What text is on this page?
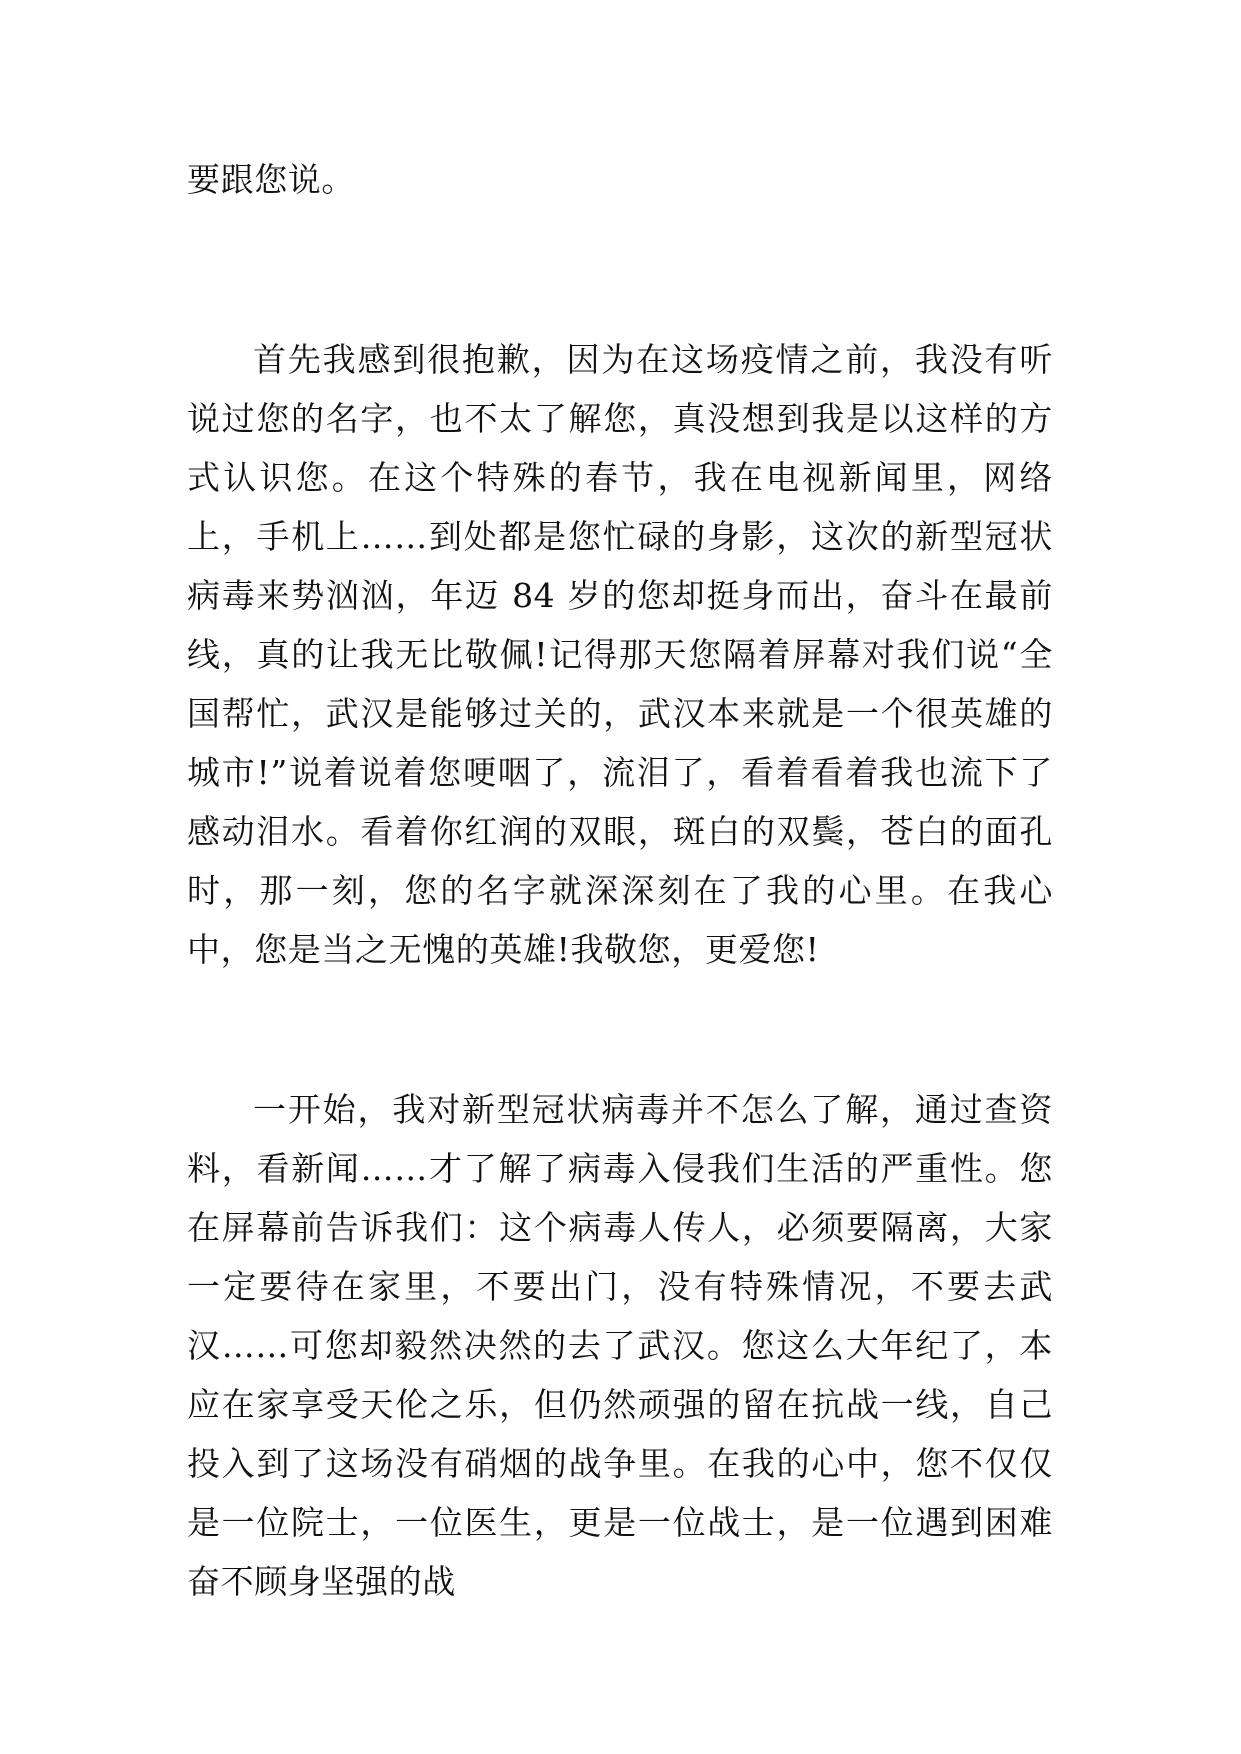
要跟您说。

首先我感到很抱歉，因为在这场疫情之前，我没有听说过您的名字，也不太了解您，真没想到我是以这样的方式认识您。在这个特殊的春节，我在电视新闻里，网络上，手机上……到处都是您忙碌的身影，这次的新型冠状病毒来势汹汹，年迈 84 岁的您却挺身而出，奋斗在最前线，真的让我无比敬佩!记得那天您隔着屏幕对我们说“全国帮忙，武汉是能够过关的，武汉本来就是一个很英雄的城市!”说着说着您哽咽了，流泪了，看着看着我也流下了感动泪水。看着你红润的双眼，斑白的双鬓，苍白的面孔时，那一刻，您的名字就深深刻在了我的心里。在我心中，您是当之无愧的英雄!我敬您，更爱您!

一开始，我对新型冠状病毒并不怎么了解，通过查资料，看新闻……才了解了病毒入侵我们生活的严重性。您在屏幕前告诉我们：这个病毒人传人，必须要隔离，大家一定要待在家里，不要出门，没有特殊情况，不要去武汉……可您却毅然决然的去了武汉。您这么大年纪了，本应在家享受天伦之乐，但仍然顽强的留在抗战一线，自己投入到了这场没有硝烟的战争里。在我的心中，您不仅仅是一位院士，一位医生，更是一位战士，是一位遇到困难奋不顾身坚强的战
